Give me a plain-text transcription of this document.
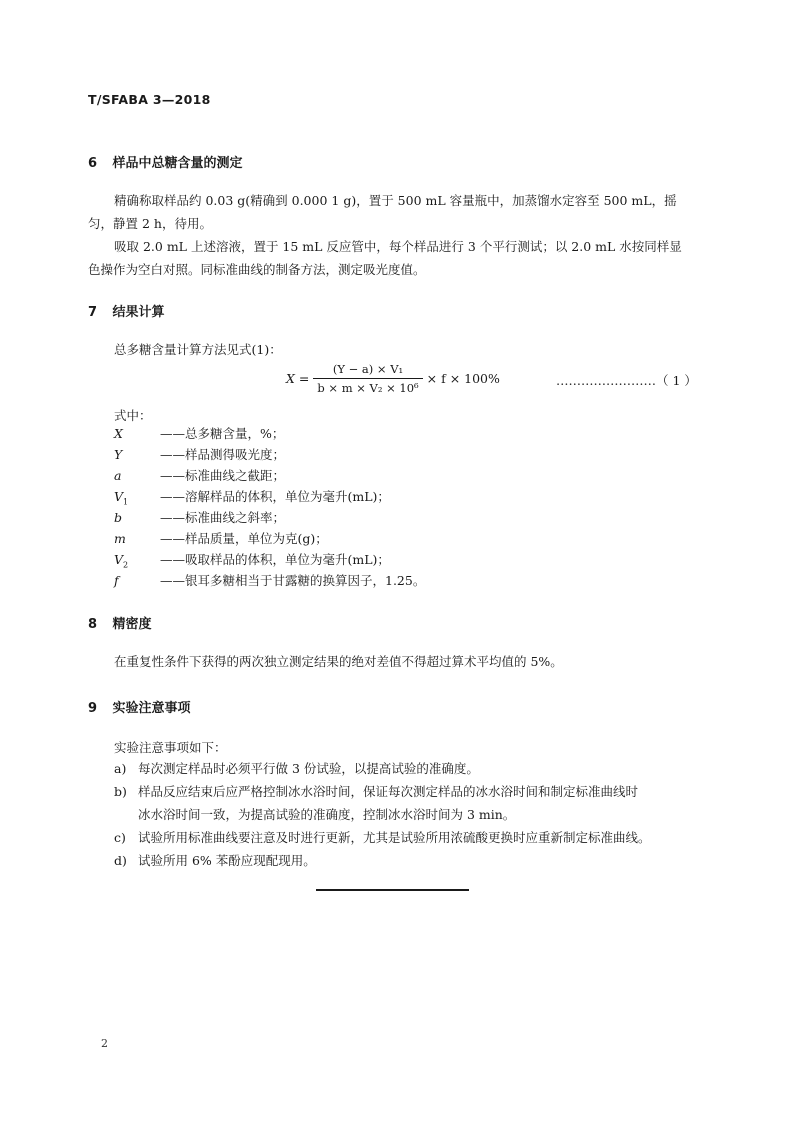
T/SFABA 3—2018
6 样品中总糖含量的测定
精确称取样品约 0.03 g(精确到 0.000 1 g)，置于 500 mL 容量瓶中，加蒸馏水定容至 500 mL，摇
匀，静置 2 h，待用。
吸取 2.0 mL 上述溶液，置于 15 mL 反应管中，每个样品进行 3 个平行测试；以 2.0 mL 水按同样显
色操作为空白对照。同标准曲线的制备方法，测定吸光度值。
7 结果计算
总多糖含量计算方法见式(1)：
$X = \frac{\text{(Y − a) × V₁}}{\text{b × m × V₂ × 10⁶}} \times f \times 100\%$	……………………（ 1 ）
式中：
X	——总多糖含量，%；
Y	——样品测得吸光度；
a	——标准曲线之截距；
$V_1$	——溶解样品的体积，单位为毫升(mL)；
b	——标准曲线之斜率；
m	——样品质量，单位为克(g)；
$V_2$	——吸取样品的体积，单位为毫升(mL)；
f	——银耳多糖相当于甘露糖的换算因子，1.25。
8 精密度
在重复性条件下获得的两次独立测定结果的绝对差值不得超过算术平均值的 5%。
9 实验注意事项
实验注意事项如下：
a) 每次测定样品时必须平行做 3 份试验，以提高试验的准确度。
b) 样品反应结束后应严格控制冰水浴时间，保证每次测定样品的冰水浴时间和制定标准曲线时
冰水浴时间一致，为提高试验的准确度，控制冰水浴时间为 3 min。
c) 试验所用标准曲线要注意及时进行更新，尤其是试验所用浓硫酸更换时应重新制定标准曲线。
d) 试验所用 6% 苯酚应现配现用。
2
